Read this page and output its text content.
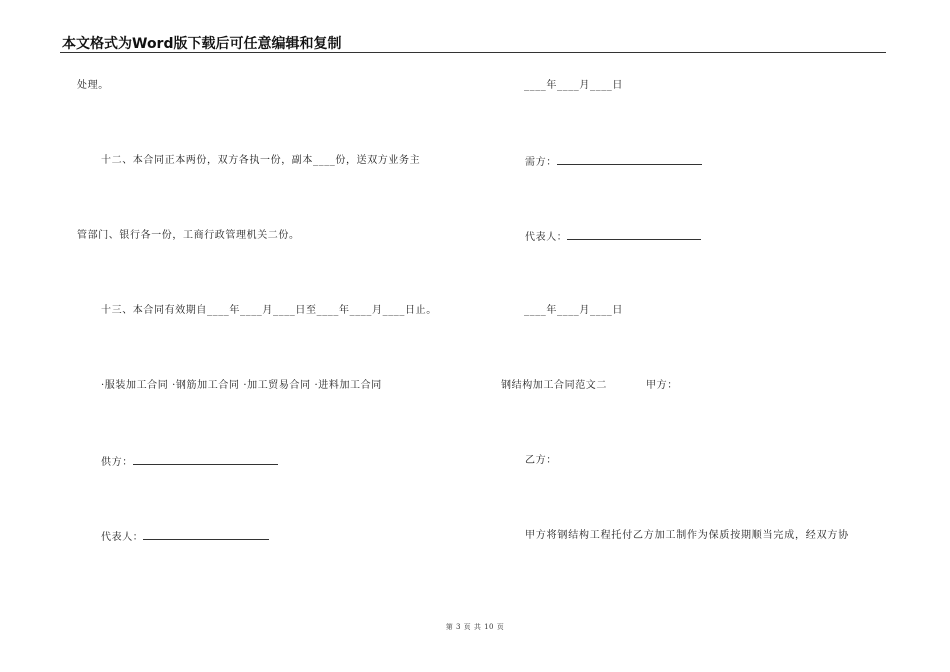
本文格式为Word版下载后可任意编辑和复制
处理。
十二、本合同正本两份，双方各执一份，副本____份，送双方业务主
管部门、银行各一份，工商行政管理机关二份。
十三、本合同有效期自____年____月____日至____年____月____日止。
·服装加工合同 ·钢筋加工合同 ·加工贸易合同 ·进料加工合同
供方：
代表人：
____年____月____日
需方：
代表人：
____年____月____日
钢结构加工合同范文二	甲方：
乙方：
甲方将钢结构工程托付乙方加工制作为保质按期顺当完成，经双方协
第 3 页 共 10 页
